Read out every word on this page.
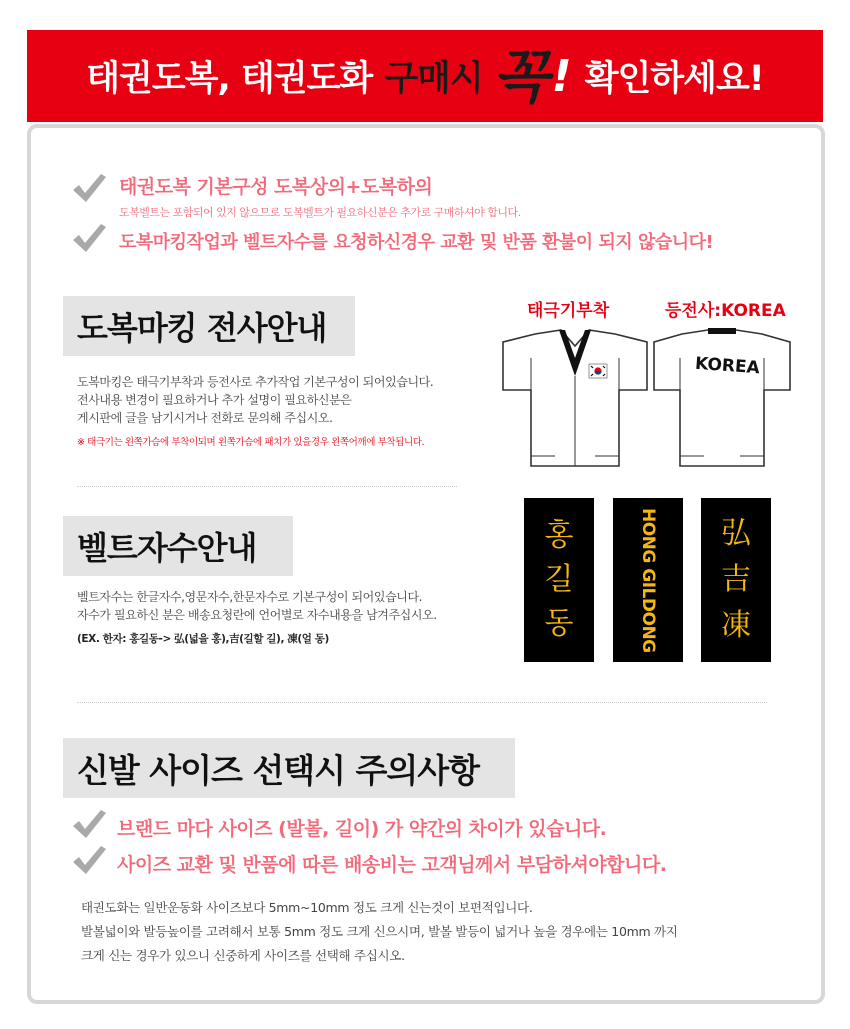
태권도복, 태권도화 구매시 꼭 ! 확인하세요!
태권도복 기본구성 도복상의+도복하의
도복벨트는 포함되어 있지 않으므로 도복벨트가 필요하신분은 추가로 구매하셔야 합니다.
도복마킹작업과 벨트자수를 요청하신경우 교환 및 반품 환불이 되지 않습니다!
도복마킹 전사안내
도복마킹은 태극기부착과 등전사로 추가작업 기본구성이 되어있습니다.
전사내용 변경이 필요하거나 추가 설명이 필요하신분은
게시판에 글을 남기시거나 전화로 문의해 주십시오.
※ 태극기는 왼쪽가슴에 부착이되며 왼쪽가슴에 패치가 있을경우 왼쪽어깨에 부착됩니다.
태극기부착	등전사:KOREA
KOREA
벨트자수안내
벨트자수는 한글자수,영문자수,한문자수로 기본구성이 되어있습니다.
자수가 필요하신 분은 배송요청란에 언어별로 자수내용을 남겨주십시오.
(EX. 한자: 홍길동-> 弘(넓을 홍),吉(길할 길), 凍(얼 동)
홍
길
동	HONG GILDONG 弘
吉
凍
신발 사이즈 선택시 주의사항
브랜드 마다 사이즈 (발볼, 길이) 가 약간의 차이가 있습니다.
사이즈 교환 및 반품에 따른 배송비는 고객님께서 부담하셔야합니다.
태권도화는 일반운동화 사이즈보다 5mm~10mm 정도 크게 신는것이 보편적입니다.
발볼넓이와 발등높이를 고려해서 보통 5mm 정도 크게 신으시며, 발볼 발등이 넓거나 높을 경우에는 10mm 까지
크게 신는 경우가 있으니 신중하게 사이즈를 선택해 주십시오.
